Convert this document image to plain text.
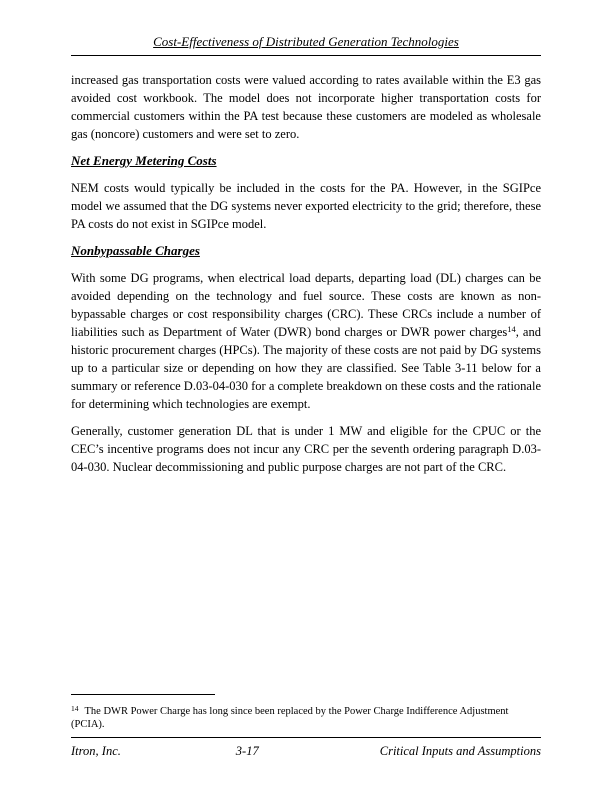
Cost-Effectiveness of Distributed Generation Technologies

increased gas transportation costs were valued according to rates available within the E3 gas avoided cost workbook. The model does not incorporate higher transportation costs for commercial customers within the PA test because these customers are modeled as wholesale gas (noncore) customers and were set to zero.

Net Energy Metering Costs

NEM costs would typically be included in the costs for the PA. However, in the SGIPce model we assumed that the DG systems never exported electricity to the grid; therefore, these PA costs do not exist in SGIPce model.

Nonbypassable Charges

With some DG programs, when electrical load departs, departing load (DL) charges can be avoided depending on the technology and fuel source. These costs are known as non-bypassable charges or cost responsibility charges (CRC). These CRCs include a number of liabilities such as Department of Water (DWR) bond charges or DWR power charges$^{14}$, and historic procurement charges (HPCs). The majority of these costs are not paid by DG systems up to a particular size or depending on how they are classified. See Table 3-11 below for a summary or reference D.03-04-030 for a complete breakdown on these costs and the rationale for determining which technologies are exempt.

Generally, customer generation DL that is under 1 MW and eligible for the CPUC or the CEC’s incentive programs does not incur any CRC per the seventh ordering paragraph D.03-04-030. Nuclear decommissioning and public purpose charges are not part of the CRC.

$^{14}$ The DWR Power Charge has long since been replaced by the Power Charge Indifference Adjustment (PCIA).

Itron, Inc.	3-17	Critical Inputs and Assumptions
